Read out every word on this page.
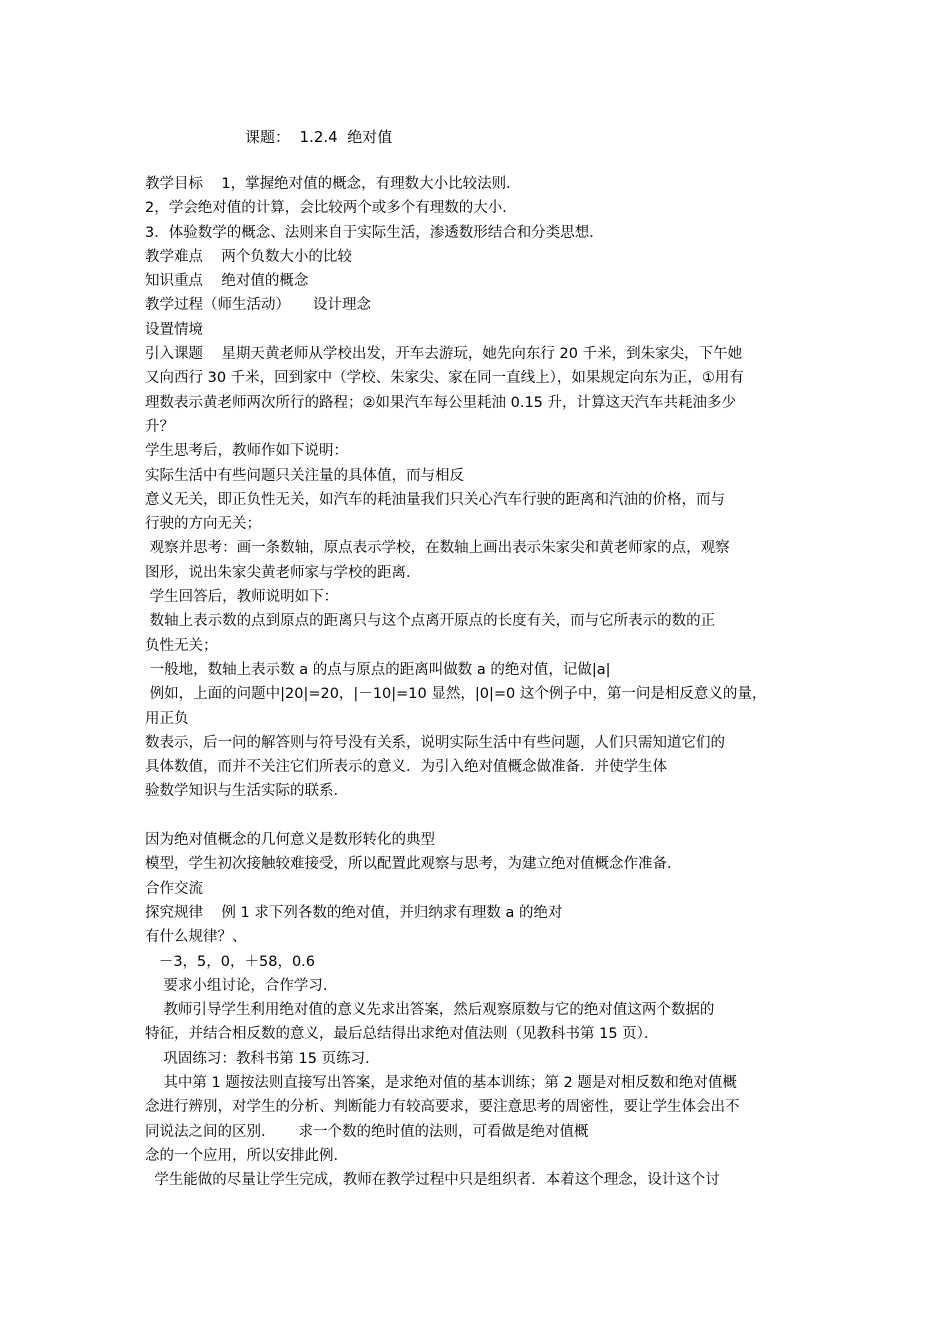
课题：  1.2.4  绝对值
教学目标    1，掌握绝对值的概念，有理数大小比较法则．
2，学会绝对值的计算，会比较两个或多个有理数的大小．
3．体验数学的概念、法则来自于实际生活，渗透数形结合和分类思想．
教学难点    两个负数大小的比较
知识重点    绝对值的概念
教学过程（师生活动）     设计理念
设置情境
引入课题    星期天黄老师从学校出发，开车去游玩，她先向东行 20 千米，到朱家尖，下午她
又向西行 30 千米，回到家中（学校、朱家尖、家在同一直线上），如果规定向东为正，①用有
理数表示黄老师两次所行的路程；②如果汽车每公里耗油 0.15 升，计算这天汽车共耗油多少
升？
学生思考后，教师作如下说明：
实际生活中有些问题只关注量的具体值，而与相反
意义无关，即正负性无关，如汽车的耗油量我们只关心汽车行驶的距离和汽油的价格，而与
行驶的方向无关；
观察并思考：画一条数轴，原点表示学校，在数轴上画出表示朱家尖和黄老师家的点，观察
图形，说出朱家尖黄老师家与学校的距离．
学生回答后，教师说明如下：
数轴上表示数的点到原点的距离只与这个点离开原点的长度有关，而与它所表示的数的正
负性无关；
一般地，数轴上表示数 a 的点与原点的距离叫做数 a 的绝对值，记做|a|
例如，上面的问题中|20|=20，|－10|=10 显然，|0|=0 这个例子中，第一问是相反意义的量，
用正负
数表示，后一问的解答则与符号没有关系，说明实际生活中有些问题，人们只需知道它们的
具体数值，而并不关注它们所表示的意义．为引入绝对值概念做准备．并使学生体
验数学知识与生活实际的联系．
因为绝对值概念的几何意义是数形转化的典型
模型，学生初次接触较难接受，所以配置此观察与思考，为建立绝对值概念作准备．
合作交流
探究规律    例 1 求下列各数的绝对值，并归纳求有理数 a 的绝对
有什么规律？、
－3，5，0，＋58，0.6
要求小组讨论，合作学习．
教师引导学生利用绝对值的意义先求出答案，然后观察原数与它的绝对值这两个数据的
特征，并结合相反数的意义，最后总结得出求绝对值法则（见教科书第 15 页）．
巩固练习：教科书第 15 页练习．
其中第 1 题按法则直接写出答案，是求绝对值的基本训练；第 2 题是对相反数和绝对值概
念进行辨別，对学生的分析、判断能力有较高要求，要注意思考的周密性，要让学生体会出不
同说法之间的区别．     求一个数的绝时值的法则，可看做是绝对值概
念的一个应用，所以安排此例．
学生能做的尽量让学生完成，教师在教学过程中只是组织者．本着这个理念，设计这个讨
